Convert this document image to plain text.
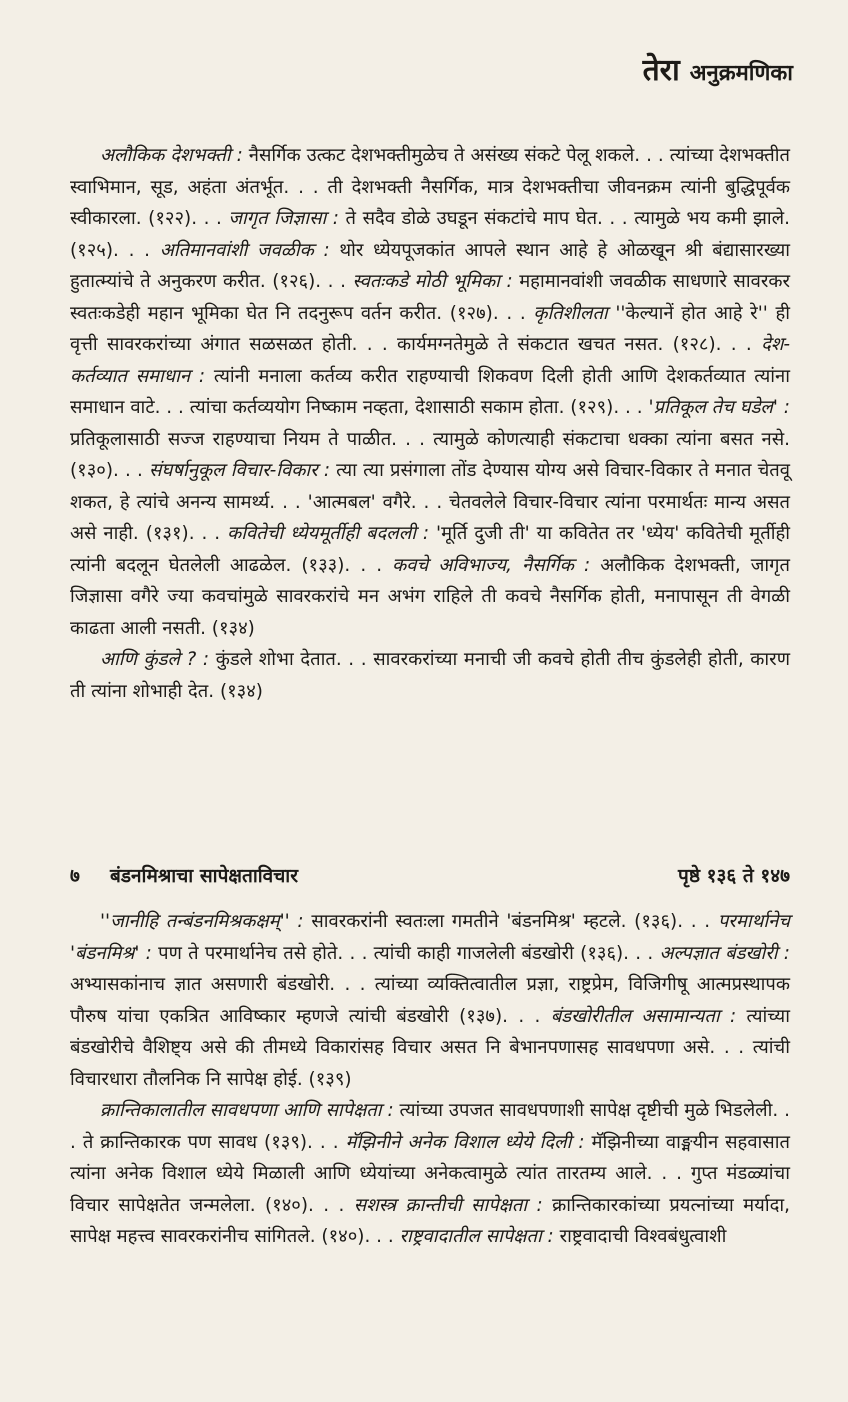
तेरा अनुक्रमणिका

अलौकिक देशभक्ती : नैसर्गिक उत्कट देशभक्तीमुळेच ते असंख्य संकटे पेलू शकले. . . त्यांच्या देशभक्तीत स्वाभिमान, सूड, अहंता अंतर्भूत. . . ती देशभक्ती नैसर्गिक, मात्र देशभक्तीचा जीवनक्रम त्यांनी बुद्धिपूर्वक स्वीकारला. (१२२). . . जागृत जिज्ञासा : ते सदैव डोळे उघडून संकटांचे माप घेत. . . त्यामुळे भय कमी झाले. (१२५). . . अतिमानवांशी जवळीक : थोर ध्येयपूजकांत आपले स्थान आहे हे ओळखून श्री बंद्यासारख्या हुतात्म्यांचे ते अनुकरण करीत. (१२६). . . स्वतःकडे मोठी भूमिका : महामानवांशी जवळीक साधणारे सावरकर स्वतःकडेही महान भूमिका घेत नि तदनुरूप वर्तन करीत. (१२७). . . कृतिशीलता ''केल्यानें होत आहे रे'' ही वृत्ती सावरकरांच्या अंगात सळसळत होती. . . कार्यमग्नतेमुळे ते संकटात खचत नसत. (१२८). . . देश-कर्तव्यात समाधान : त्यांनी मनाला कर्तव्य करीत राहण्याची शिकवण दिली होती आणि देशकर्तव्यात त्यांना समाधान वाटे. . . त्यांचा कर्तव्ययोग निष्काम नव्हता, देशासाठी सकाम होता. (१२९). . . 'प्रतिकूल तेच घडेल' : प्रतिकूलासाठी सज्ज राहण्याचा नियम ते पाळीत. . . त्यामुळे कोणत्याही संकटाचा धक्का त्यांना बसत नसे. (१३०). . . संघर्षानुकूल विचार-विकार : त्या त्या प्रसंगाला तोंड देण्यास योग्य असे विचार-विकार ते मनात चेतवू शकत, हे त्यांचे अनन्य सामर्थ्य. . . 'आत्मबल' वगैरे. . . चेतवलेले विचार-विचार त्यांना परमार्थतः मान्य असत असे नाही. (१३१). . . कवितेची ध्येयमूर्तीही बदलली : 'मूर्ति दुजी ती' या कवितेत तर 'ध्येय' कवितेची मूर्तीही त्यांनी बदलून घेतलेली आढळेल. (१३३). . . कवचे अविभाज्य, नैसर्गिक : अलौकिक देशभक्ती, जागृत जिज्ञासा वगैरे ज्या कवचांमुळे सावरकरांचे मन अभंग राहिले ती कवचे नैसर्गिक होती, मनापासून ती वेगळी काढता आली नसती. (१३४)

आणि कुंडले ? : कुंडले शोभा देतात. . . सावरकरांच्या मनाची जी कवचे होती तीच कुंडलेही होती, कारण ती त्यांना शोभाही देत. (१३४)

७	बंडनमिश्राचा सापेक्षताविचार	पृष्ठे १३६ ते १४७

''जानीहि तन्बंडनमिश्रकक्षम्'' : सावरकरांनी स्वतःला गमतीने 'बंडनमिश्र' म्हटले. (१३६). . . परमार्थानेच 'बंडनमिश्र' : पण ते परमार्थानेच तसे होते. . . त्यांची काही गाजलेली बंडखोरी (१३६). . . अल्पज्ञात बंडखोरी : अभ्यासकांनाच ज्ञात असणारी बंडखोरी. . . त्यांच्या व्यक्तित्वातील प्रज्ञा, राष्ट्रप्रेम, विजिगीषू आत्मप्रस्थापक पौरुष यांचा एकत्रित आविष्कार म्हणजे त्यांची बंडखोरी (१३७). . . बंडखोरीतील असामान्यता : त्यांच्या बंडखोरीचे वैशिष्ट्य असे की तीमध्ये विकारांसह विचार असत नि बेभानपणासह सावधपणा असे. . . त्यांची विचारधारा तौलनिक नि सापेक्ष होई. (१३९)

क्रान्तिकालातील सावधपणा आणि सापेक्षता : त्यांच्या उपजत सावधपणाशी सापेक्ष दृष्टीची मुळे भिडलेली. . . ते क्रान्तिकारक पण सावध (१३९). . . मॅझिनीने अनेक विशाल ध्येये दिली : मॅझिनीच्या वाङ्मयीन सहवासात त्यांना अनेक विशाल ध्येये मिळाली आणि ध्येयांच्या अनेकत्वामुळे त्यांत तारतम्य आले. . . गुप्त मंडळ्यांचा विचार सापेक्षतेत जन्मलेला. (१४०). . . सशस्त्र क्रान्तीची सापेक्षता : क्रान्तिकारकांच्या प्रयत्नांच्या मर्यादा, सापेक्ष महत्त्व सावरकरांनीच सांगितले. (१४०). . . राष्ट्रवादातील सापेक्षता : राष्ट्रवादाची विश्वबंधुत्वाशी
